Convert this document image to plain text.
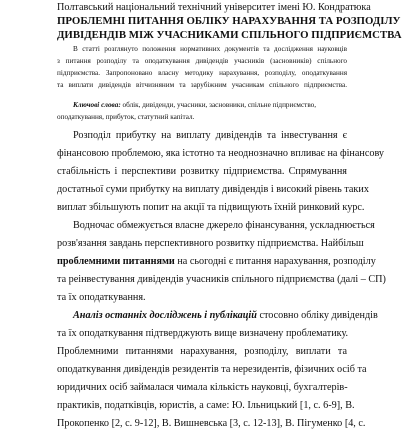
Полтавський національний технічний університет імені Ю. Кондратюка

ПРОБЛЕМНІ ПИТАННЯ ОБЛІКУ НАРАХУВАННЯ ТА РОЗПОДІЛУ

ДИВІДЕНДІВ МІЖ УЧАСНИКАМИ СПІЛЬНОГО ПІДПРИЄМСТВА

В статті розглянуто положення нормативних документів та дослідження науковців

з питання розподілу та оподаткування дивідендів учасників (засновників) спільного

підприємства. Запропоновано власну методику нарахування, розподілу, оподаткування

та виплати дивідендів вітчизняним та зарубіжним учасникам спільного підприємства.

Ключові слова: облік, дивіденди, учасники, засновники, спільне підприємство,

оподаткування, прибуток, статутний капітал.

Розподіл прибутку на виплату дивідендів та інвестування є

фінансовою проблемою, яка істотно та неоднозначно впливає на фінансову

стабільність і перспективи розвитку підприємства. Спрямування

достатньої суми прибутку на виплату дивідендів і високий рівень таких

виплат збільшують попит на акції та підвищують їхній ринковий курс.

Водночас обмежується власне джерело фінансування, ускладнюється

розв'язання завдань перспективного розвитку підприємства. Найбільш

проблемними питаннями на сьогодні є питання нарахування, розподілу

та реінвестування дивідендів учасників спільного підприємства (далі – СП)

та їх оподаткування.

Аналіз останніх досліджень і публікацій стосовно обліку дивідендів

та їх оподаткування підтверджують вище визначену проблематику.

Проблемними питаннями нарахування, розподілу, виплати та

оподаткування дивідендів резидентів та нерезидентів, фізичних осіб та

юридичних осіб займалася чимала кількість науковці, бухгалтерів-

практиків, податківців, юристів, а саме: Ю. Ільницький [1, с. 6-9], В.

Прокопенко [2, с. 9-12], В. Вишневська [3, с. 12-13], В. Пігуменко [4, с.
